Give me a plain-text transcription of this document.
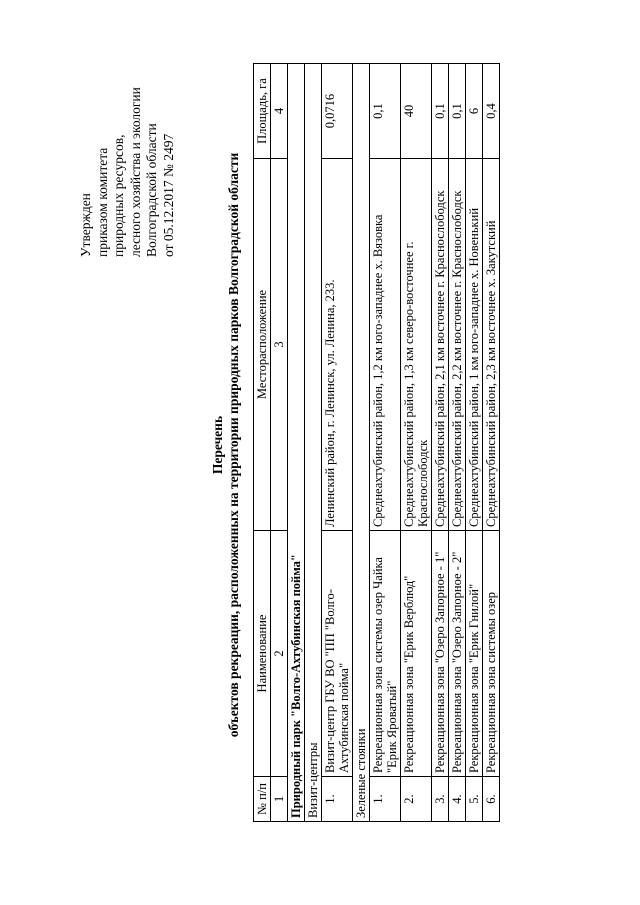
Утвержден приказом комитета природных ресурсов, лесного хозяйства и экологии Волгоградской области от 05.12.2017 № 2497
Перечень объектов рекреации, расположенных на территории природных парков Волгоградской области
№ п/п	Наименование	Месторасположение	Площадь, га
1	2	3	4
Природный парк "Волго-Ахтубинская пойма"			
Визит-центры			
1.	Визит-центр ГБУ ВО "ПП "Волго-Ахтубинская пойма"	Ленинский район, г. Ленинск, ул. Ленина, 233.	0,0716
Зеленые стоянки			
1.	Рекреационная зона системы озер Чайка "Ерик Яроватый"	Среднеахтубинский район, 1,2 км юго-западнее х. Вязовка	0,1
2.	Рекреационная зона "Ерик Верблюд"	Среднеахтубинский район, 1,3 км северо-восточнее г. Краснослободск	40
3.	Рекреационная зона "Озеро Запорное - 1"	Среднеахтубинский район, 2,1 км восточнее г. Краснослободск	0,1
4.	Рекреационная зона "Озеро Запорное - 2"	Среднеахтубинский район, 2,2 км восточнее г. Краснослободск	0,1
5.	Рекреационная зона "Ерик Гнилой"	Среднеахтубинский район, 1 км юго-западнее х. Новенький	6
6.	Рекреационная зона системы озер	Среднеахтубинский район, 2,3 км восточнее х. Закутский	0,4
